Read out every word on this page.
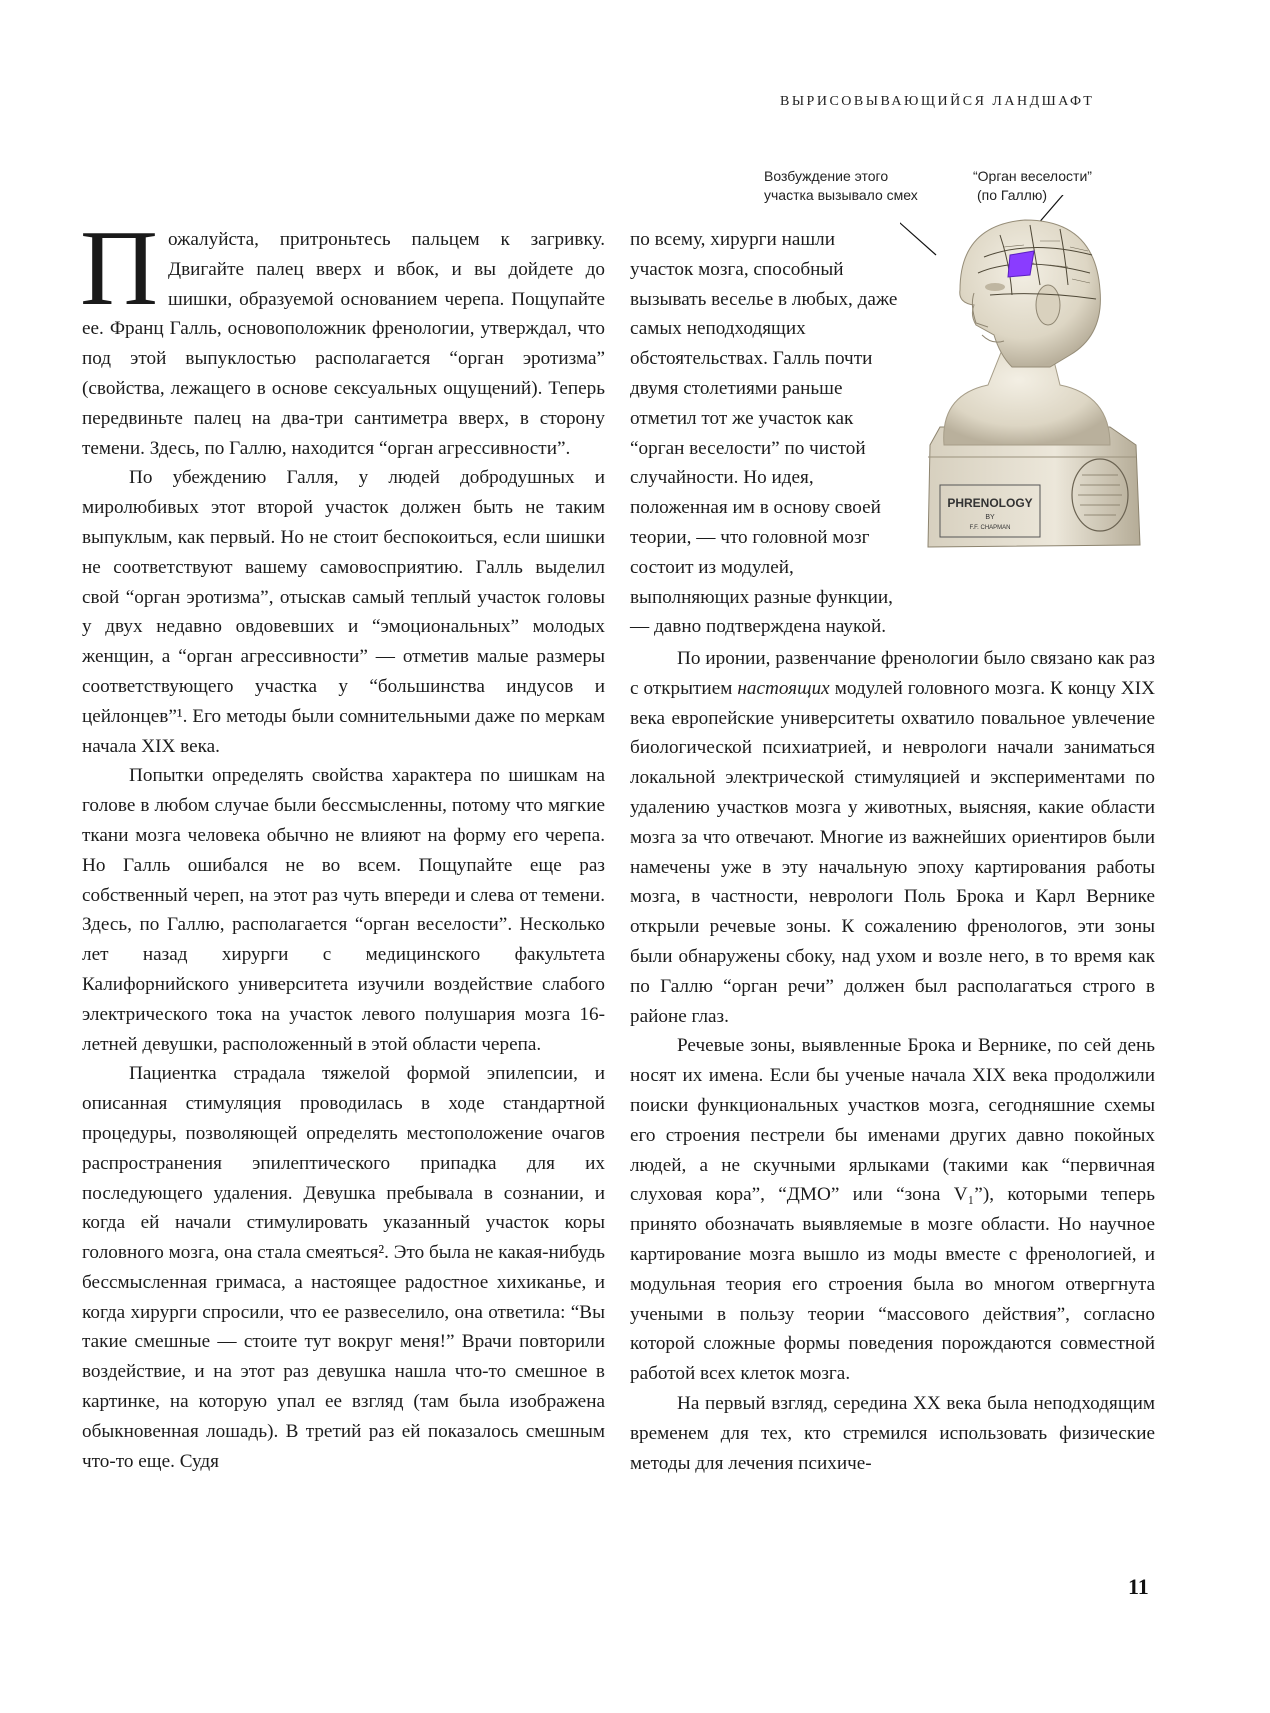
ВЫРИСОВЫВАЮЩИЙСЯ ЛАНДШАФТ
Возбуждение этого участка вызывало смех
“Орган веселости”
(по Галлю)
PHRENOLOGY
BY
F.F. CHAPMAN

Пожалуйста, притроньтесь пальцем к загривку. Двигайте палец вверх и вбок, и вы дойдете до шишки, образуемой основанием черепа. Пощупайте ее. Франц Галль, основоположник френологии, утверждал, что под этой выпуклостью располагается “орган эротизма” (свойства, лежащего в основе сексуальных ощущений). Теперь передвиньте палец на два-три сантиметра вверх, в сторону темени. Здесь, по Галлю, находится “орган агрессивности”.

По убеждению Галля, у людей добродушных и миролюбивых этот второй участок должен быть не таким выпуклым, как первый. Но не стоит беспокоиться, если шишки не соответствуют вашему самовосприятию. Галль выделил свой “орган эротизма”, отыскав самый теплый участок головы у двух недавно овдовевших и “эмоциональных” молодых женщин, а “орган агрессивности” — отметив малые размеры соответствующего участка у “большинства индусов и цейлонцев”¹. Его методы были сомнительными даже по меркам начала XIX века.

Попытки определять свойства характера по шишкам на голове в любом случае были бессмысленны, потому что мягкие ткани мозга человека обычно не влияют на форму его черепа. Но Галль ошибался не во всем. Пощупайте еще раз собственный череп, на этот раз чуть впереди и слева от темени. Здесь, по Галлю, располагается “орган веселости”. Несколько лет назад хирурги с медицинского факультета Калифорнийского университета изучили воздействие слабого электрического тока на участок левого полушария мозга 16-летней девушки, расположенный в этой области черепа.

Пациентка страдала тяжелой формой эпилепсии, и описанная стимуляция проводилась в ходе стандартной процедуры, позволяющей определять местоположение очагов распространения эпилептического припадка для их последующего удаления. Девушка пребывала в сознании, и когда ей начали стимулировать указанный участок коры головного мозга, она стала смеяться². Это была не какая-нибудь бессмысленная гримаса, а настоящее радостное хихиканье, и когда хирурги спросили, что ее развеселило, она ответила: “Вы такие смешные — стоите тут вокруг меня!” Врачи повторили воздействие, и на этот раз девушка нашла что-то смешное в картинке, на которую упал ее взгляд (там была изображена обыкновенная лошадь). В третий раз ей показалось смешным что-то еще. Судя

по всему, хирурги нашли участок мозга, способный вызывать веселье в любых, даже самых неподходящих обстоятельствах. Галль почти двумя столетиями раньше отметил тот же участок как “орган веселости” по чистой случайности. Но идея, положенная им в основу своей теории, — что головной мозг состоит из модулей, выполняющих разные функции, — давно подтверждена наукой.

По иронии, развенчание френологии было связано как раз с открытием настоящих модулей головного мозга. К концу XIX века европейские университеты охватило повальное увлечение биологической психиатрией, и неврологи начали заниматься локальной электрической стимуляцией и экспериментами по удалению участков мозга у животных, выясняя, какие области мозга за что отвечают. Многие из важнейших ориентиров были намечены уже в эту начальную эпоху картирования работы мозга, в частности, неврологи Поль Брока и Карл Вернике открыли речевые зоны. К сожалению френологов, эти зоны были обнаружены сбоку, над ухом и возле него, в то время как по Галлю “орган речи” должен был располагаться строго в районе глаз.

Речевые зоны, выявленные Брока и Вернике, по сей день носят их имена. Если бы ученые начала XIX века продолжили поиски функциональных участков мозга, сегодняшние схемы его строения пестрели бы именами других давно покойных людей, а не скучными ярлыками (такими как “первичная слуховая кора”, “ДМО” или “зона V₁”), которыми теперь принято обозначать выявляемые в мозге области. Но научное картирование мозга вышло из моды вместе с френологией, и модульная теория его строения была во многом отвергнута учеными в пользу теории “массового действия”, согласно которой сложные формы поведения порождаются совместной работой всех клеток мозга.

На первый взгляд, середина XX века была неподходящим временем для тех, кто стремился использовать физические методы для лечения психиче-

11
